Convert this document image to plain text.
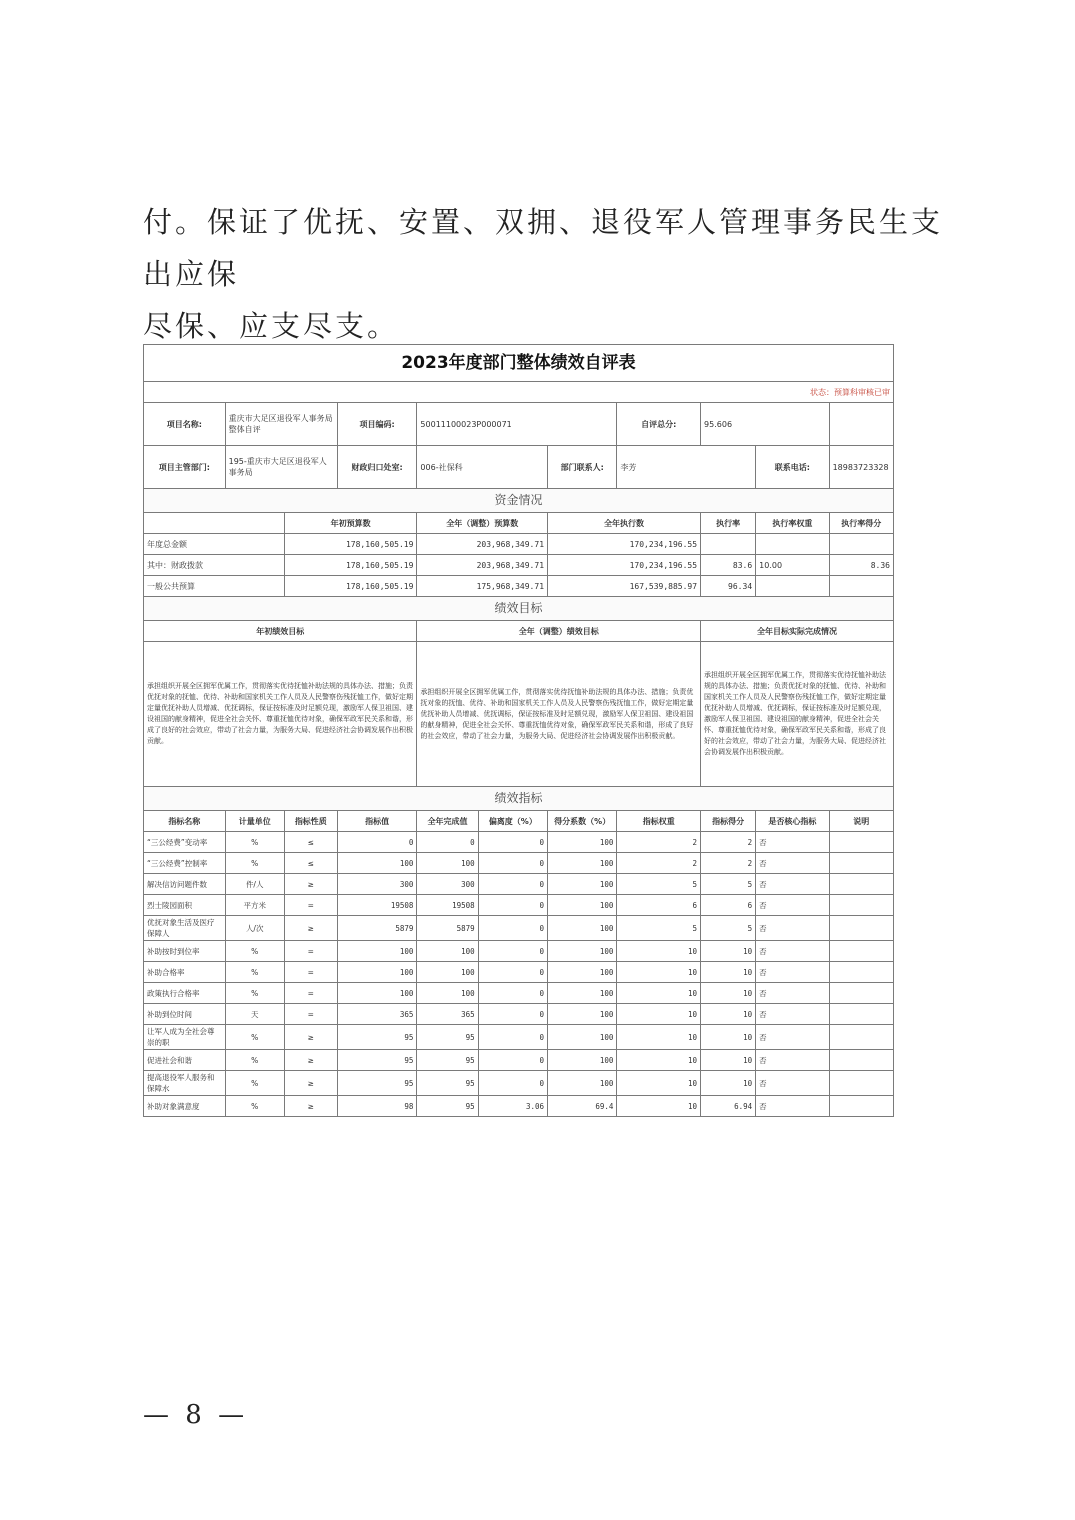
付。保证了优抚、安置、双拥、退役军人管理事务民生支出应保

尽保、应支尽支。

2023年度部门整体绩效自评表										
状态：预算科审核已审										
项目名称:	重庆市大足区退役军人事务局整体自评		项目编码:	50011100023P000071			自评总分:	95.606		
项目主管部门:	195-重庆市大足区退役军人事务局		财政归口处室:	006-社保科		部门联系人:	李芳		联系电话:	18983723328
资金情况										
		年初预算数		全年（调整）预算数		全年执行数		执行率	执行率权重	执行率得分
年度总金额		178,160,505.19		203,968,349.71		170,234,196.55				
其中：财政拨款		178,160,505.19		203,968,349.71		170,234,196.55		83.6	10.00	8.36
一般公共预算		178,160,505.19		175,968,349.71		167,539,885.97		96.34		
绩效目标										
年初绩效目标				全年（调整）绩效目标				全年目标实际完成情况		
承担组织开展全区拥军优属工作，贯彻落实优待抚恤补助法规的具体办法、措施；负责优抚对象的抚恤、优待、补助和国家机关工作人员及人民警察伤残抚恤工作，做好定期定量优抚补助人员增减、优抚调标，保证按标准及时足额兑现，激励军人保卫祖国、建设祖国的献身精神，促进全社会关怀、尊重抚恤优待对象，确保军政军民关系和谐，形成了良好的社会效应，带动了社会力量，为服务大局、促进经济社会协调发展作出积极贡献。				承担组织开展全区拥军优属工作，贯彻落实优待抚恤补助法规的具体办法、措施；负责优抚对象的抚恤、优待、补助和国家机关工作人员及人民警察伤残抚恤工作，做好定期定量优抚补助人员增减、优抚调标，保证按标准及时足额兑现，激励军人保卫祖国、建设祖国的献身精神，促进全社会关怀、尊重抚恤优待对象，确保军政军民关系和谐，形成了良好的社会效应，带动了社会力量，为服务大局、促进经济社会协调发展作出积极贡献。				承担组织开展全区拥军优属工作，贯彻落实优待抚恤补助法规的具体办法、措施；负责优抚对象的抚恤、优待、补助和国家机关工作人员及人民警察伤残抚恤工作，做好定期定量优抚补助人员增减、优抚调标，保证按标准及时足额兑现，激励军人保卫祖国、建设祖国的献身精神，促进全社会关怀、尊重抚恤优待对象，确保军政军民关系和谐，形成了良好的社会效应，带动了社会力量，为服务大局、促进经济社会协调发展作出积极贡献。		
绩效指标										
指标名称	计量单位	指标性质	指标值	全年完成值	偏离度（%）	得分系数（%）	指标权重	指标得分	是否核心指标	说明
“三公经费”变动率	%	≤	0	0	0	100	2	2	否	
“三公经费”控制率	%	≤	100	100	0	100	2	2	否	
解决信访问题件数	件/人	≥	300	300	0	100	5	5	否	
烈士陵园面积	平方米	=	19508	19508	0	100	6	6	否	
优抚对象生活及医疗保障人	人/次	≥	5879	5879	0	100	5	5	否	
补助按时到位率	%	=	100	100	0	100	10	10	否	
补助合格率	%	=	100	100	0	100	10	10	否	
政策执行合格率	%	=	100	100	0	100	10	10	否	
补助到位时间	天	=	365	365	0	100	10	10	否	
让军人成为全社会尊崇的职	%	≥	95	95	0	100	10	10	否	
促进社会和谐	%	≥	95	95	0	100	10	10	否	
提高退役军人服务和保障水	%	≥	95	95	0	100	10	10	否	
补助对象满意度	%	≥	98	95	3.06	69.4	10	6.94	否	
— 8 —
